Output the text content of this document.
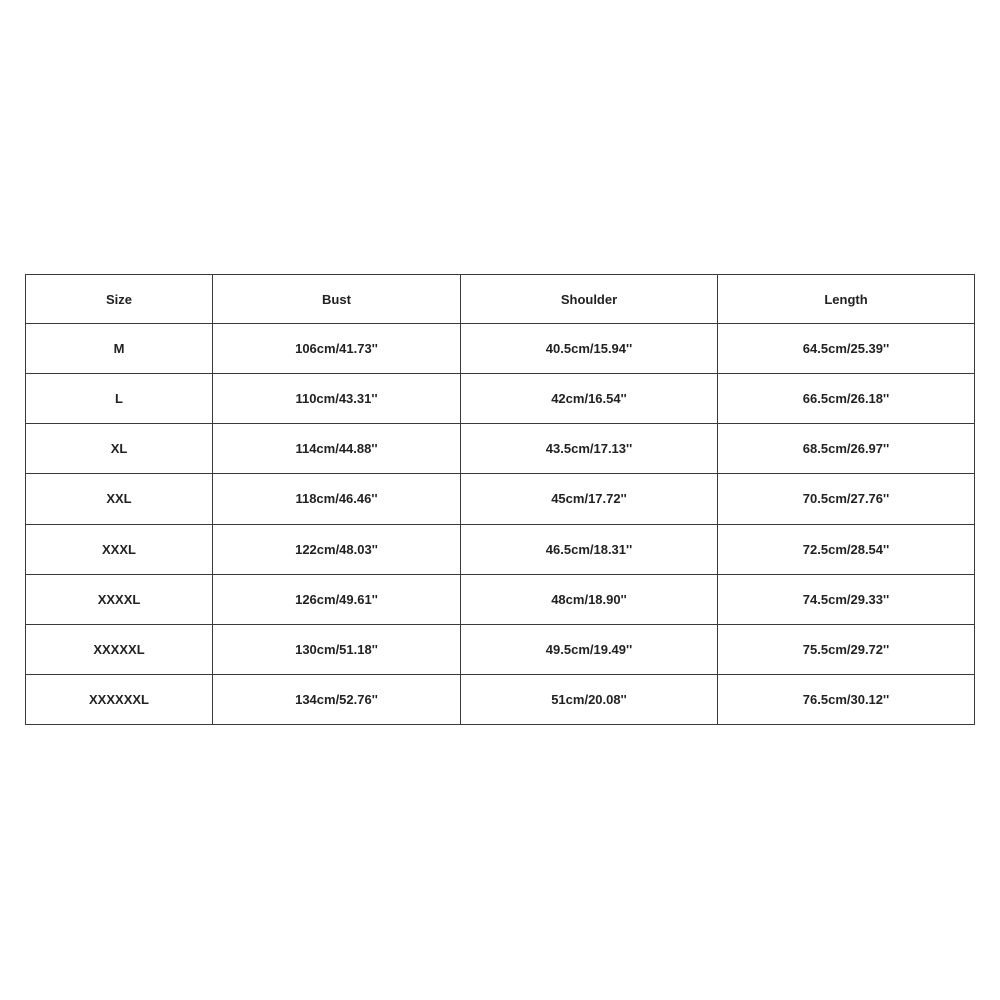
Size	Bust	Shoulder	Length
M	106cm/41.73''	40.5cm/15.94''	64.5cm/25.39''
L	110cm/43.31''	42cm/16.54''	66.5cm/26.18''
XL	114cm/44.88''	43.5cm/17.13''	68.5cm/26.97''
XXL	118cm/46.46''	45cm/17.72''	70.5cm/27.76''
XXXL	122cm/48.03''	46.5cm/18.31''	72.5cm/28.54''
XXXXL	126cm/49.61''	48cm/18.90''	74.5cm/29.33''
XXXXXL	130cm/51.18''	49.5cm/19.49''	75.5cm/29.72''
XXXXXXL	134cm/52.76''	51cm/20.08''	76.5cm/30.12''
